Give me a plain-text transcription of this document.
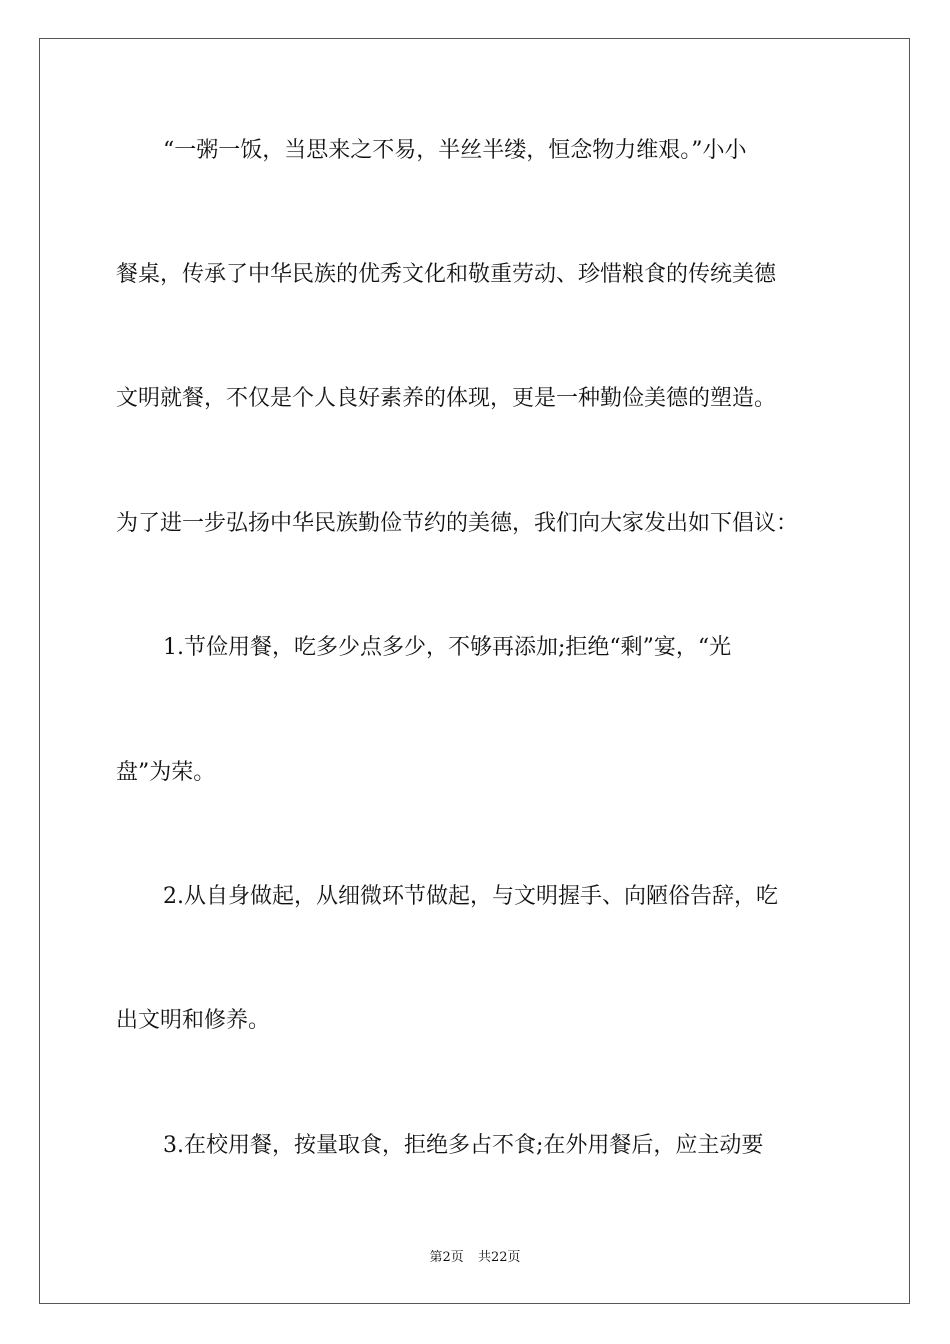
“一粥一饭，当思来之不易，半丝半缕，恒念物力维艰。”小小
餐桌，传承了中华民族的优秀文化和敬重劳动、珍惜粮食的传统美德
文明就餐，不仅是个人良好素养的体现，更是一种勤俭美德的塑造。
为了进一步弘扬中华民族勤俭节约的美德，我们向大家发出如下倡议：
1.节俭用餐，吃多少点多少，不够再添加;拒绝“剩”宴，“光
盘”为荣。
2.从自身做起，从细微环节做起，与文明握手、向陋俗告辞，吃
出文明和修养。
3.在校用餐，按量取食，拒绝多占不食;在外用餐后，应主动要
第2页 共22页
